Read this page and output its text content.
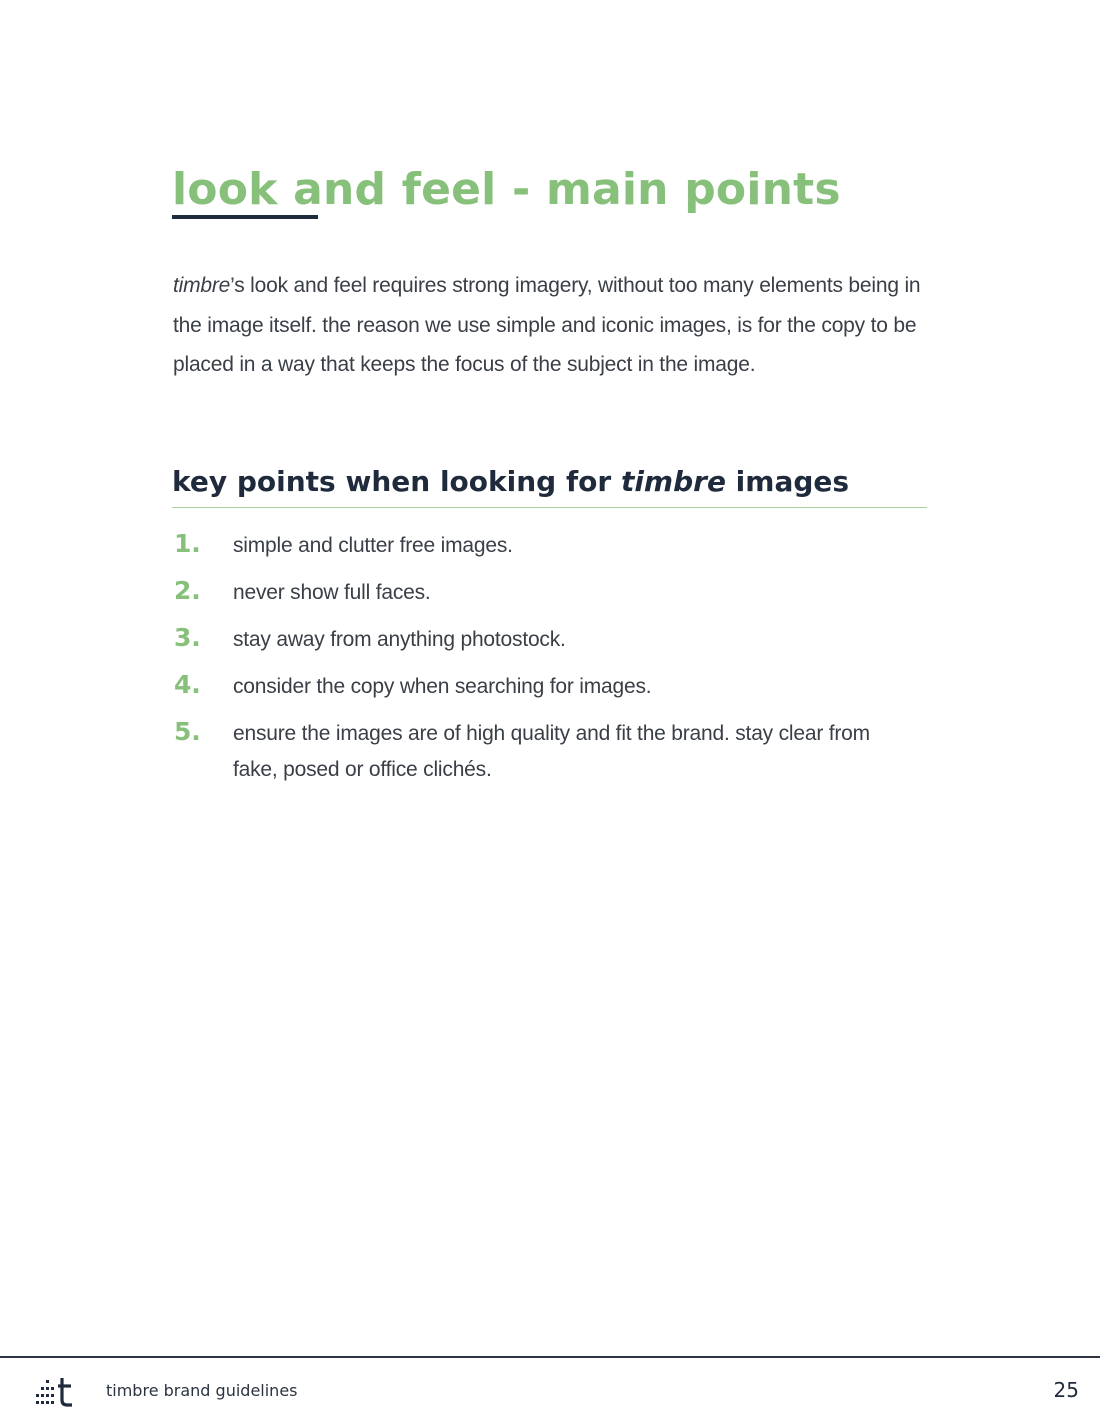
look and feel - main points

timbre’s look and feel requires strong imagery, without too many elements being in the image itself. the reason we use simple and iconic images, is for the copy to be placed in a way that keeps the focus of the subject in the image.

key points when looking for timbre images
1. simple and clutter free images.
2. never show full faces.
3. stay away from anything photostock.
4. consider the copy when searching for images.
5. ensure the images are of high quality and fit the brand. stay clear from fake, posed or office clichés.
timbre brand guidelines	25
